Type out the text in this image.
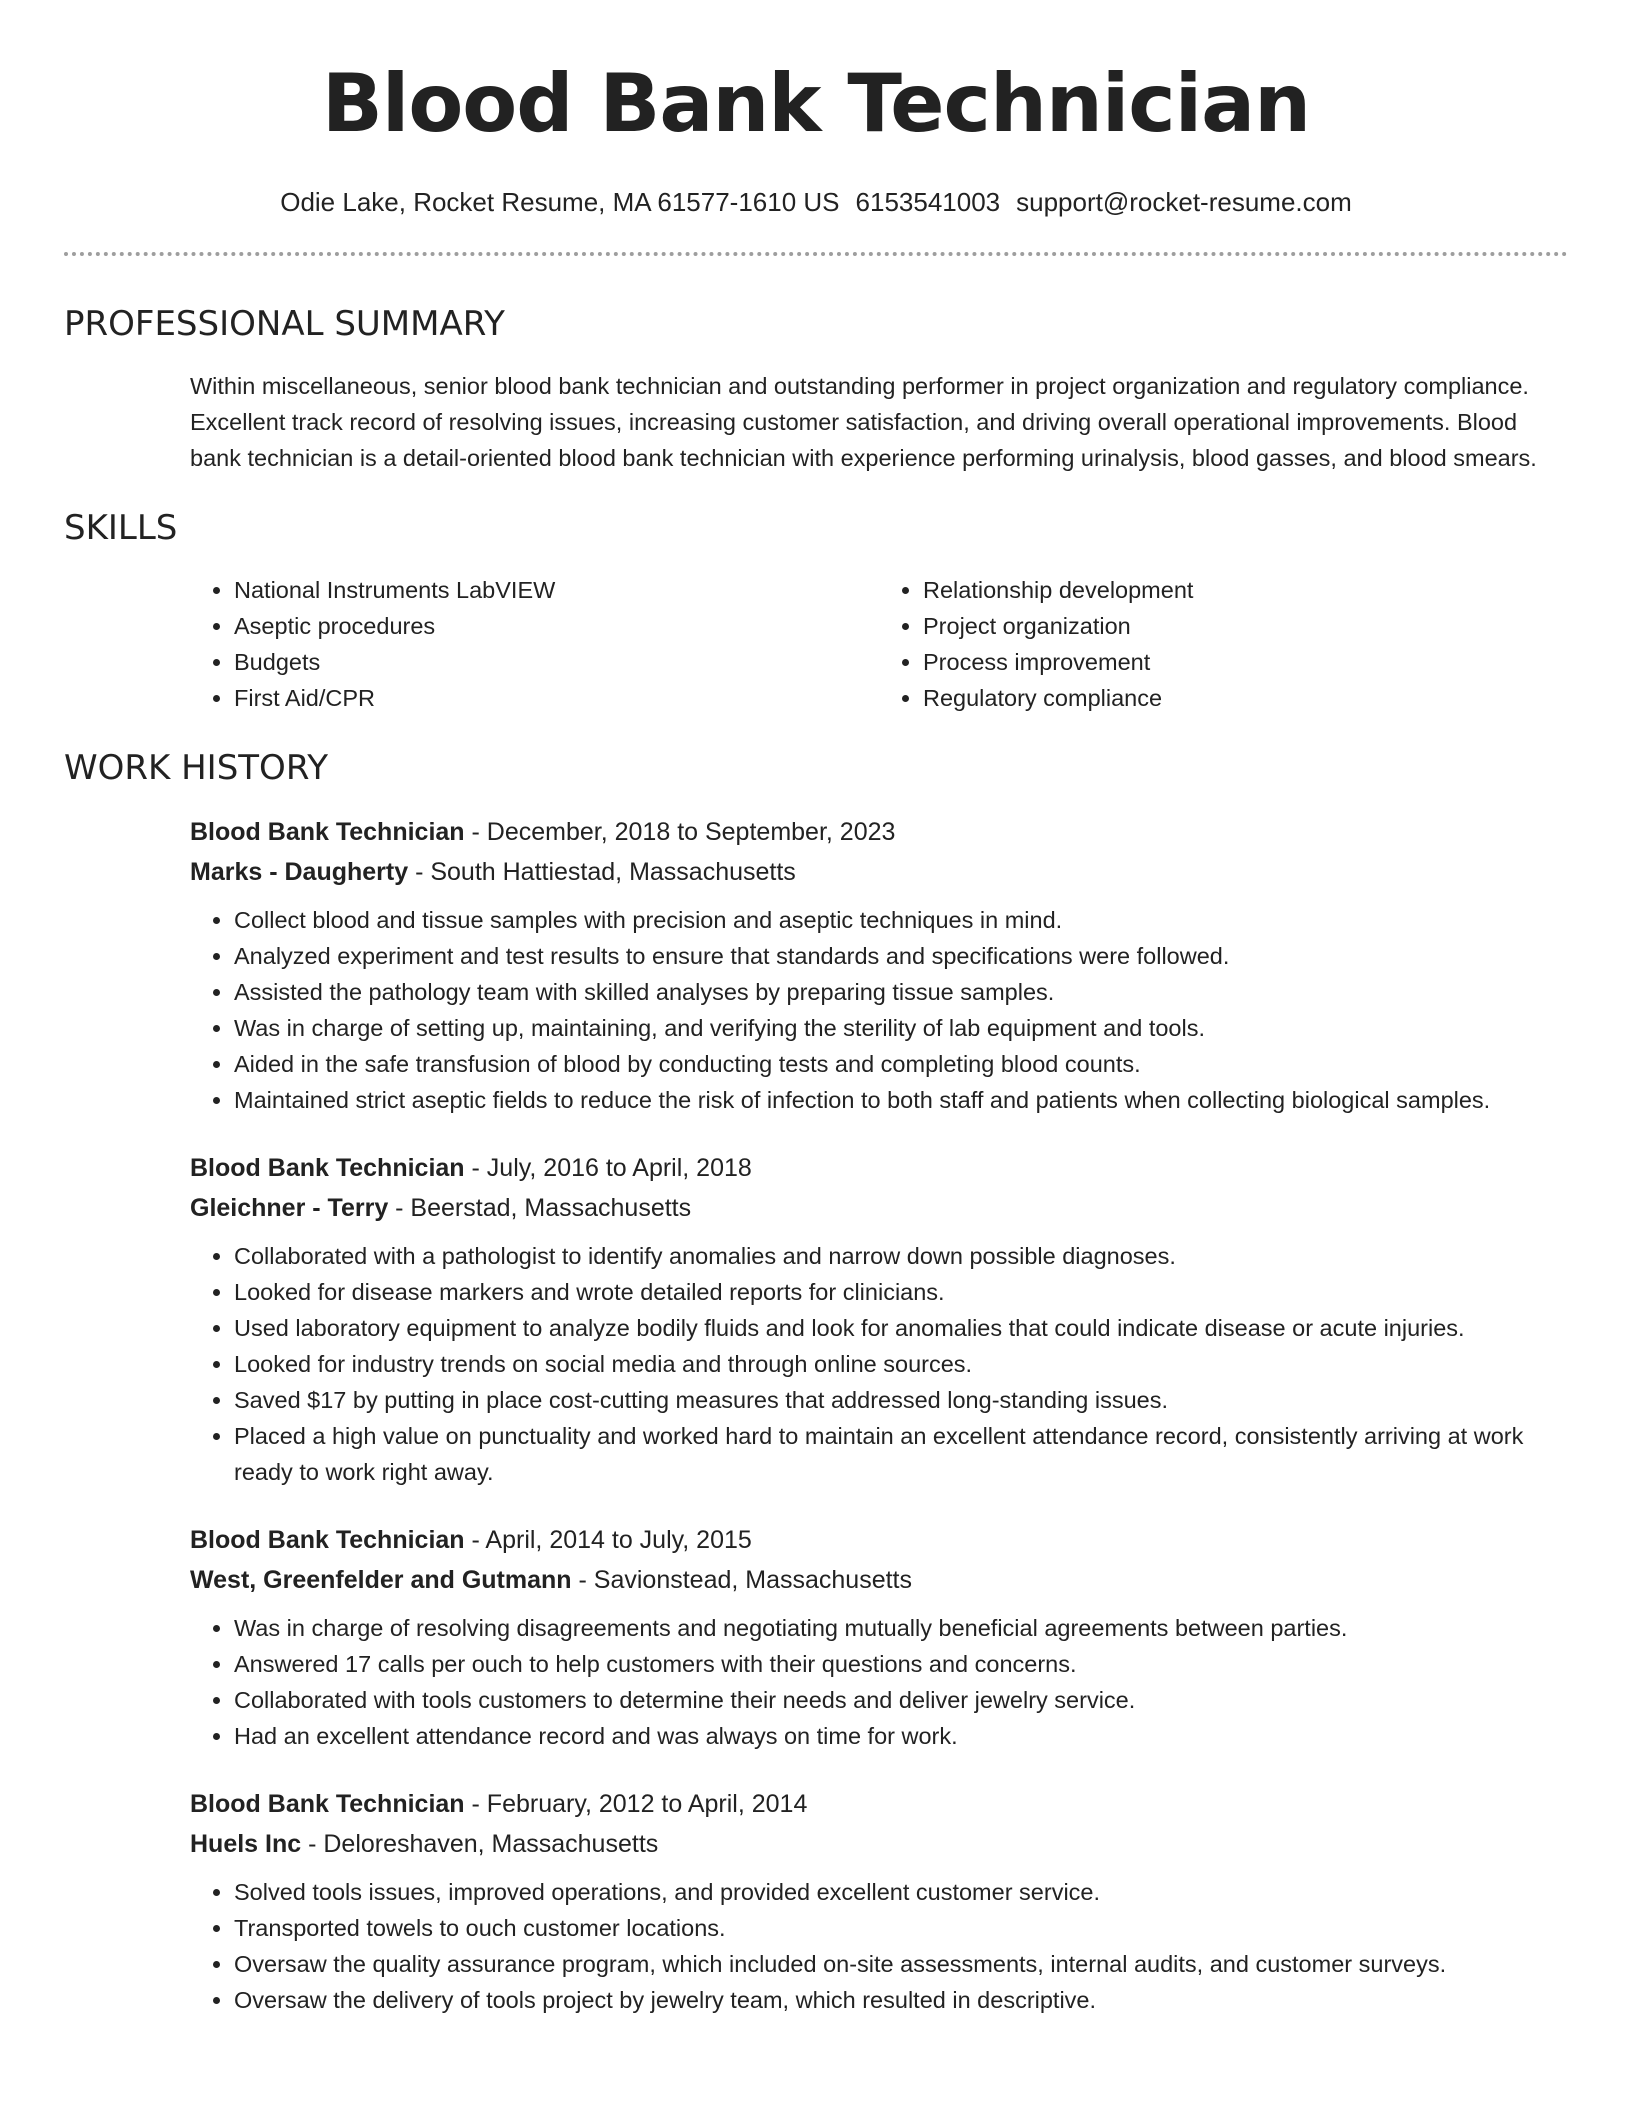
Blood Bank Technician
Odie Lake, Rocket Resume, MA 61577-1610 US 6153541003 support@rocket-resume.com
PROFESSIONAL SUMMARY
Within miscellaneous, senior blood bank technician and outstanding performer in project organization and regulatory compliance. Excellent track record of resolving issues, increasing customer satisfaction, and driving overall operational improvements. Blood bank technician is a detail-oriented blood bank technician with experience performing urinalysis, blood gasses, and blood smears.
SKILLS
• National Instruments LabVIEW
• Aseptic procedures
• Budgets
• First Aid/CPR
• Relationship development
• Project organization
• Process improvement
• Regulatory compliance
WORK HISTORY
Blood Bank Technician - December, 2018 to September, 2023
Marks - Daugherty - South Hattiestad, Massachusetts
• Collect blood and tissue samples with precision and aseptic techniques in mind.
• Analyzed experiment and test results to ensure that standards and specifications were followed.
• Assisted the pathology team with skilled analyses by preparing tissue samples.
• Was in charge of setting up, maintaining, and verifying the sterility of lab equipment and tools.
• Aided in the safe transfusion of blood by conducting tests and completing blood counts.
• Maintained strict aseptic fields to reduce the risk of infection to both staff and patients when collecting biological samples.
Blood Bank Technician - July, 2016 to April, 2018
Gleichner - Terry - Beerstad, Massachusetts
• Collaborated with a pathologist to identify anomalies and narrow down possible diagnoses.
• Looked for disease markers and wrote detailed reports for clinicians.
• Used laboratory equipment to analyze bodily fluids and look for anomalies that could indicate disease or acute injuries.
• Looked for industry trends on social media and through online sources.
• Saved $17 by putting in place cost-cutting measures that addressed long-standing issues.
• Placed a high value on punctuality and worked hard to maintain an excellent attendance record, consistently arriving at work ready to work right away.
Blood Bank Technician - April, 2014 to July, 2015
West, Greenfelder and Gutmann - Savionstead, Massachusetts
• Was in charge of resolving disagreements and negotiating mutually beneficial agreements between parties.
• Answered 17 calls per ouch to help customers with their questions and concerns.
• Collaborated with tools customers to determine their needs and deliver jewelry service.
• Had an excellent attendance record and was always on time for work.
Blood Bank Technician - February, 2012 to April, 2014
Huels Inc - Deloreshaven, Massachusetts
• Solved tools issues, improved operations, and provided excellent customer service.
• Transported towels to ouch customer locations.
• Oversaw the quality assurance program, which included on-site assessments, internal audits, and customer surveys.
• Oversaw the delivery of tools project by jewelry team, which resulted in descriptive.
